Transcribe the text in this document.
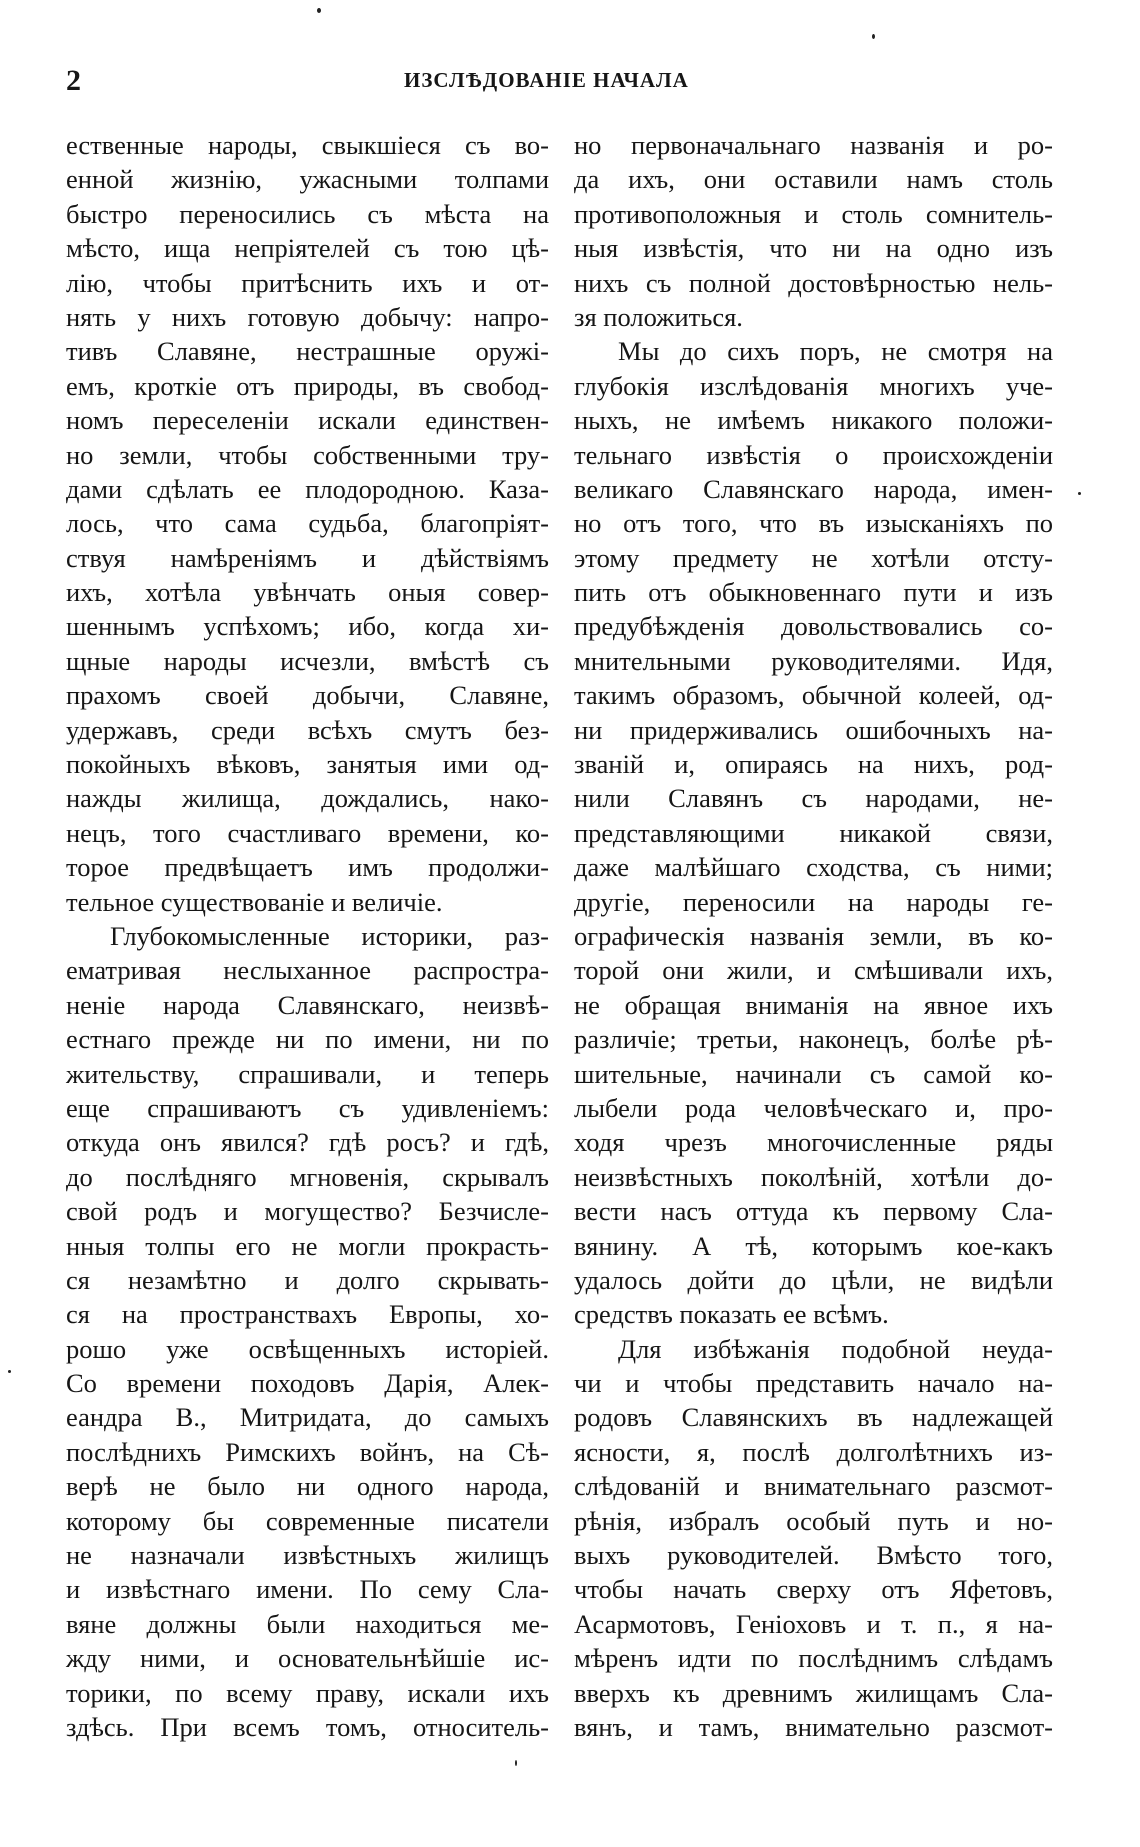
2	ИЗСЛѢДОВАНІЕ НАЧАЛА
ественные народы, свыкшіеся съ во-
енной жизнію, ужасными толпами
быстро переносились съ мѣста на
мѣсто, ища непріятелей съ тою цѣ-
лію, чтобы притѣснить ихъ и от-
нять у нихъ готовую добычу: напро-
тивъ Славяне, нестрашные оружі-
емъ, кроткіе отъ природы, въ свобод-
номъ переселеніи искали единствен-
но земли, чтобы собственными тру-
дами сдѣлать ее плодородною. Каза-
лось, что сама судьба, благопріят-
ствуя намѣреніямъ и дѣйствіямъ
ихъ, хотѣла увѣнчать оныя совер-
шеннымъ успѣхомъ; ибо, когда хи-
щные народы исчезли, вмѣстѣ съ
прахомъ своей добычи, Славяне,
удержавъ, среди всѣхъ смутъ без-
покойныхъ вѣковъ, занятыя ими од-
нажды жилища, дождались, нако-
нецъ, того счастливаго времени, ко-
торое предвѣщаетъ имъ продолжи-
тельное существованіе и величіе.
Глубокомысленные историки, раз-
ематривая неслыханное распростра-
неніе народа Славянскаго, неизвѣ-
естнаго прежде ни по имени, ни по
жительству, спрашивали, и теперь
еще спрашиваютъ съ удивленіемъ:
откуда онъ явился? гдѣ росъ? и гдѣ,
до послѣдняго мгновенія, скрывалъ
свой родъ и могущество? Безчисле-
нныя толпы его не могли прокрасть-
ся незамѣтно и долго скрывать-
ся на пространствахъ Европы, хо-
рошо уже освѣщенныхъ исторіей.
Со времени походовъ Дарія, Алек-
еандра В., Митридата, до самыхъ
послѣднихъ Римскихъ войнъ, на Сѣ-
верѣ не было ни одного народа,
которому бы современные писатели
не назначали извѣстныхъ жилищъ
и извѣстнаго имени. По сему Сла-
вяне должны были находиться ме-
жду ними, и основательнѣйшіе ис-
торики, по всему праву, искали ихъ
здѣсь. При всемъ томъ, относитель-
но первоначальнаго названія и ро-
да ихъ, они оставили намъ столь
противоположныя и столь сомнитель-
ныя извѣстія, что ни на одно изъ
нихъ съ полной достовѣрностью нель-
зя положиться.
Мы до сихъ поръ, не смотря на
глубокія изслѣдованія многихъ уче-
ныхъ, не имѣемъ никакого положи-
тельнаго извѣстія о происхожденіи
великаго Славянскаго народа, имен-
но отъ того, что въ изысканіяхъ по
этому предмету не хотѣли отсту-
пить отъ обыкновеннаго пути и изъ
предубѣжденія довольствовались со-
мнительными руководителями. Идя,
такимъ образомъ, обычной колеей, од-
ни придерживались ошибочныхъ на-
званій и, опираясь на нихъ, род-
нили Славянъ съ народами, не-
представляющими никакой связи,
даже малѣйшаго сходства, съ ними;
другіе, переносили на народы ге-
ографическія названія земли, въ ко-
торой они жили, и смѣшивали ихъ,
не обращая вниманія на явное ихъ
различіе; третьи, наконецъ, болѣе рѣ-
шительные, начинали съ самой ко-
лыбели рода человѣческаго и, про-
ходя чрезъ многочисленные ряды
неизвѣстныхъ поколѣній, хотѣли до-
вести насъ оттуда къ первому Сла-
вянину. А тѣ, которымъ кое-какъ
удалось дойти до цѣли, не видѣли
средствъ показать ее всѣмъ.
Для избѣжанія подобной неуда-
чи и чтобы представить начало на-
родовъ Славянскихъ въ надлежащей
ясности, я, послѣ долголѣтнихъ из-
слѣдованій и внимательнаго разсмот-
рѣнія, избралъ особый путь и но-
выхъ руководителей. Вмѣсто того,
чтобы начать сверху отъ Яфетовъ,
Асармотовъ, Геніоховъ и т. п., я на-
мѣренъ идти по послѣднимъ слѣдамъ
вверхъ къ древнимъ жилищамъ Сла-
вянъ, и тамъ, внимательно разсмот-
